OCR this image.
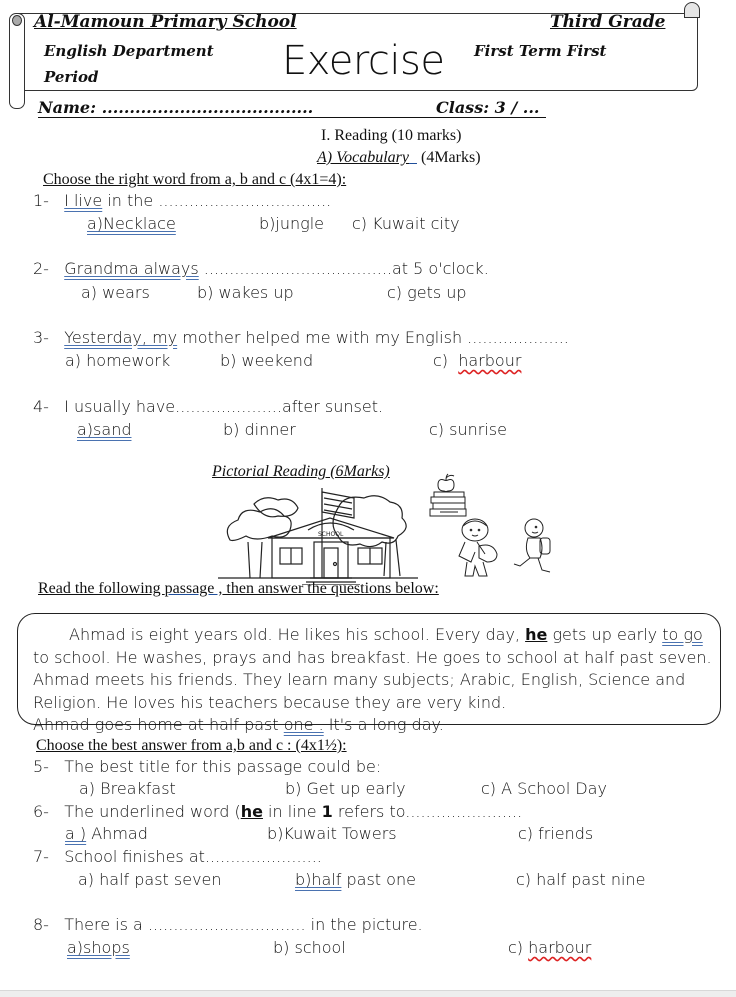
Al-Mamoun Primary School	Third Grade
English Department
Period	Exercise First Term First
Name: ......................................	Class: 3 / ...
I. Reading (10 marks)
A) Vocabulary   (4Marks)
Choose the right word from a, b and c (4x1=4):
1- I live in the ..................................
a)Necklace	b)jungle c) Kuwait city
2- Grandma always .....................................at 5 o'clock.
a) wears	b) wakes up	c) gets up
3- Yesterday, my mother helped me with my English ....................
a) homework	b) weekend	c) harbour
4- I usually have.....................after sunset.
a)sand	b) dinner	c) sunrise
Pictorial Reading (6Marks)
SCHOOL
Read the following passage , then answer the questions below:

Ahmad is eight years old. He likes his school. Every day, he gets up early to go to school. He washes, prays and has breakfast. He goes to school at half past seven. Ahmad meets his friends. They learn many subjects; Arabic, English, Science and Religion. He loves his teachers because they are very kind.

Ahmad goes home at half past one . It's a long day.

Choose the best answer from a,b and c : (4x1½):
5- The best title for this passage could be:
a) Breakfast	b) Get up early	c) A School Day
6- The underlined word (he in line 1 refers to.......................
a ) Ahmad	b)Kuwait Towers	c) friends
7- School finishes at.......................
a) half past seven	b)half past one	c) half past nine
8- There is a ............................... in the picture.
a)shops	b) school	c) harbour
